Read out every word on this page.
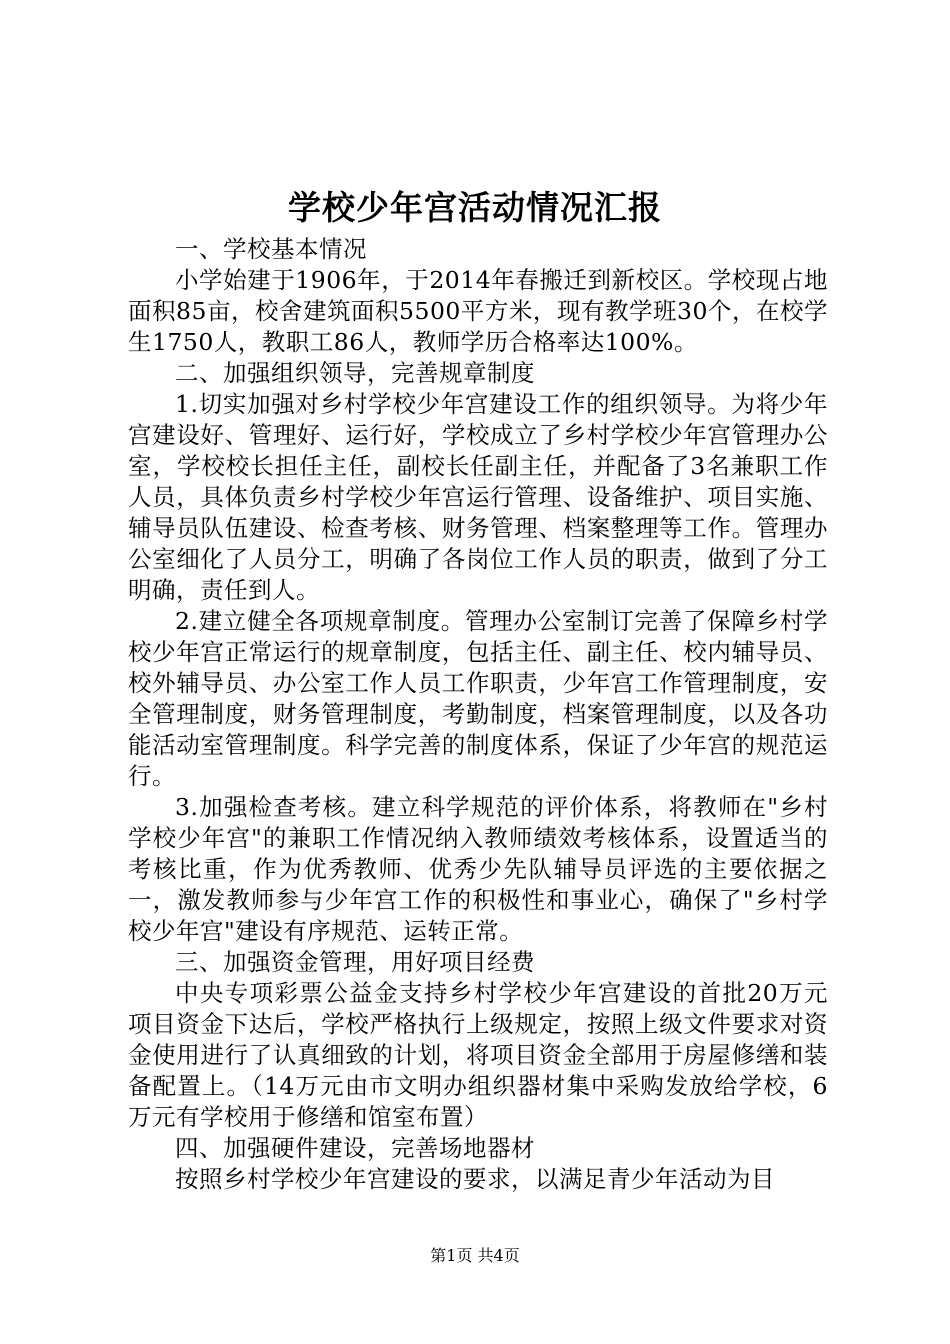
学校少年宫活动情况汇报

一、学校基本情况

小学始建于1906年，于2014年春搬迁到新校区。学校现占地面积85亩，校舍建筑面积5500平方米，现有教学班30个，在校学生1750人，教职工86人，教师学历合格率达100%。

二、加强组织领导，完善规章制度

1.切实加强对乡村学校少年宫建设工作的组织领导。为将少年宫建设好、管理好、运行好，学校成立了乡村学校少年宫管理办公室，学校校长担任主任，副校长任副主任，并配备了3名兼职工作人员，具体负责乡村学校少年宫运行管理、设备维护、项目实施、辅导员队伍建设、检查考核、财务管理、档案整理等工作。管理办公室细化了人员分工，明确了各岗位工作人员的职责，做到了分工明确，责任到人。

2.建立健全各项规章制度。管理办公室制订完善了保障乡村学校少年宫正常运行的规章制度，包括主任、副主任、校内辅导员、校外辅导员、办公室工作人员工作职责，少年宫工作管理制度，安全管理制度，财务管理制度，考勤制度，档案管理制度，以及各功能活动室管理制度。科学完善的制度体系，保证了少年宫的规范运行。

3.加强检查考核。建立科学规范的评价体系，将教师在"乡村学校少年宫"的兼职工作情况纳入教师绩效考核体系，设置适当的考核比重，作为优秀教师、优秀少先队辅导员评选的主要依据之一，激发教师参与少年宫工作的积极性和事业心，确保了"乡村学校少年宫"建设有序规范、运转正常。

三、加强资金管理，用好项目经费

中央专项彩票公益金支持乡村学校少年宫建设的首批20万元项目资金下达后，学校严格执行上级规定，按照上级文件要求对资金使用进行了认真细致的计划，将项目资金全部用于房屋修缮和装备配置上。（14万元由市文明办组织器材集中采购发放给学校，6万元有学校用于修缮和馆室布置）

四、加强硬件建设，完善场地器材

按照乡村学校少年宫建设的要求，以满足青少年活动为目

第1页 共4页
